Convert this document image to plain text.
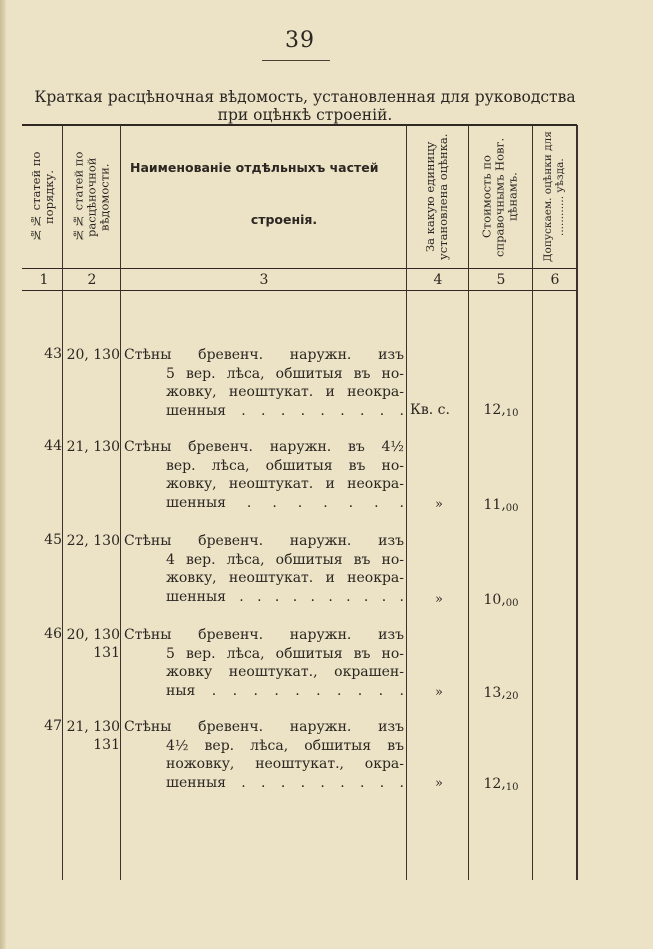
39
Краткая расцѣночная вѣдомость, установленная для руководства
при оцѣнкѣ строеній.
№№ статей по порядку.	№№ статей по расцѣночной вѣдомости.	Наименованіе отдѣльныхъ частей
строенія.	За какую единицу установлена оцѣнка.	Стоимость по справочнымъ Новг. цѣнамъ.	Допускаем. оцѣнки для ............ уѣзда.
1	2	3	4	5	6
43 20, 130 Стѣны бревенч. наружн. изъ
5 вер. лѣса, обшитыя въ но-
жовку, неоштукат. и неокра-
шенныя . . . . . . . . . Кв. с.	$12,_{10}$
44 21, 130 Стѣны бревенч. наружн. въ 4½
вер. лѣса, обшитыя въ но-
жовку, неоштукат. и неокра-
шенныя . . . . . . .	»	$11,_{00}$
45 22, 130 Стѣны бревенч. наружн. изъ
4 вер. лѣса, обшитыя въ но-
жовку, неоштукат. и неокра-
шенныя . . . . . . . . . .	»	$10,_{00}$
46 20, 130
131
Стѣны бревенч. наружн. изъ
5 вер. лѣса, обшитыя въ но-
жовку неоштукат., окрашен-
ныя . . . . . . . . . .	»	$13,_{20}$
47 21, 130
131
Стѣны бревенч. наружн. изъ
4½ вер. лѣса, обшитыя въ
ножовку, неоштукат., окра-
шенныя . . . . . . . . .	»	$12,_{10}$
